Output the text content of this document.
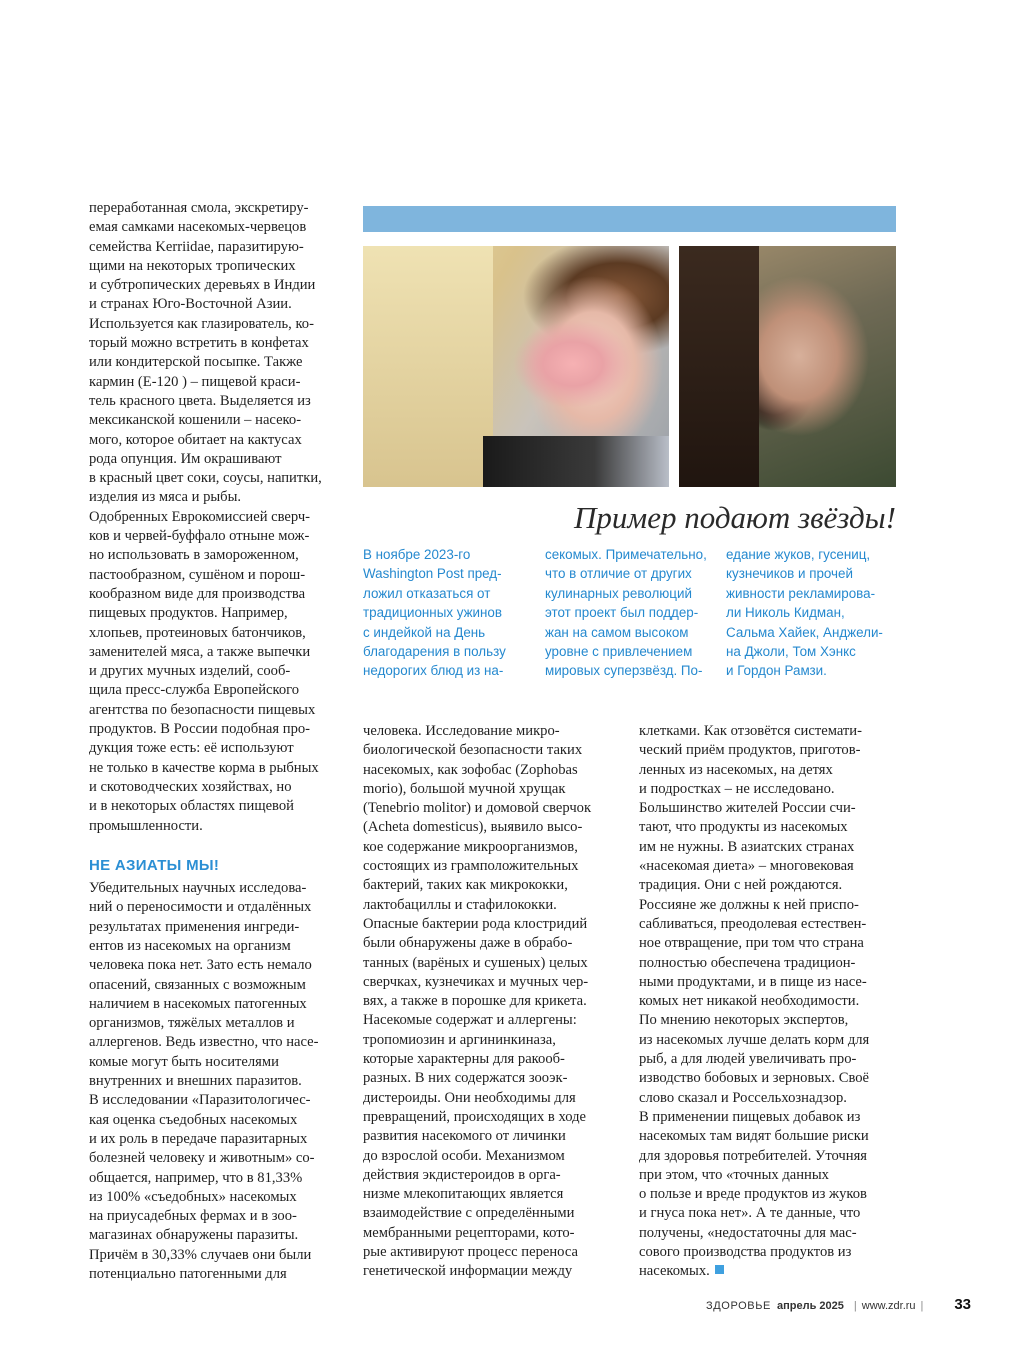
переработанная смола, экскретиру-
емая самками насекомых-червецов
семейства Kerriidae, паразитирую-
щими на некоторых тропических
и субтропических деревьях в Индии
и странах Юго-Восточной Азии.
Используется как глазирователь, ко-
торый можно встретить в конфетах
или кондитерской посыпке. Также
кармин (Е-120 ) – пищевой краси-
тель красного цвета. Выделяется из
мексиканской кошенили – насеко-
мого, которое обитает на кактусах
рода опунция. Им окрашивают
в красный цвет соки, соусы, напитки,
изделия из мяса и рыбы.
Одобренных Еврокомиссией сверч-
ков и червей-буффало отныне мож-
но использовать в замороженном,
пастообразном, сушёном и порош-
кообразном виде для производства
пищевых продуктов. Например,
хлопьев, протеиновых батончиков,
заменителей мяса, а также выпечки
и других мучных изделий, сооб-
щила пресс-служба Европейского
агентства по безопасности пищевых
продуктов. В России подобная про-
дукция тоже есть: её используют
не только в качестве корма в рыбных
и скотоводческих хозяйствах, но
и в некоторых областях пищевой
промышленности.
НЕ АЗИАТЫ МЫ!
Убедительных научных исследова-
ний о переносимости и отдалённых
результатах применения ингреди-
ентов из насекомых на организм
человека пока нет. Зато есть немало
опасений, связанных с возможным
наличием в насекомых патогенных
организмов, тяжёлых металлов и
аллергенов. Ведь известно, что насе-
комые могут быть носителями
внутренних и внешних паразитов.
В исследовании «Паразитологичес-
кая оценка съедобных насекомых
и их роль в передаче паразитарных
болезней человеку и животным» со-
общается, например, что в 81,33%
из 100% «съедобных» насекомых
на приусадебных фермах и в зоо-
магазинах обнаружены паразиты.
Причём в 30,33% случаев они были
потенциально патогенными для
Пример подают звёзды!
В ноябре 2023-го
Washington Post пред-
ложил отказаться от
традиционных ужинов
с индейкой на День
благодарения в пользу
недорогих блюд из на-
секомых. Примечательно,
что в отличие от других
кулинарных революций
этот проект был поддер-
жан на самом высоком
уровне с привлечением
мировых суперзвёзд. По-
едание жуков, гусениц,
кузнечиков и прочей
живности рекламирова-
ли Николь Кидман,
Сальма Хайек, Анджели-
на Джоли, Том Хэнкс
и Гордон Рамзи.
человека. Исследование микро-
биологической безопасности таких
насекомых, как зофобас (Zophobas
morio), большой мучной хрущак
(Tenebrio molitor) и домовой сверчок
(Acheta domesticus), выявило высо-
кое содержание микроорганизмов,
состоящих из грамположительных
бактерий, таких как микрококки,
лактобациллы и стафилококки.
Опасные бактерии рода клостридий
были обнаружены даже в обрабо-
танных (варёных и сушеных) целых
сверчках, кузнечиках и мучных чер-
вях, а также в порошке для крикета.
Насекомые содержат и аллергены:
тропомиозин и аргининкиназа,
которые характерны для ракооб-
разных. В них содержатся зооэк-
дистероиды. Они необходимы для
превращений, происходящих в ходе
развития насекомого от личинки
до взрослой особи. Механизмом
действия экдистероидов в орга-
низме млекопитающих является
взаимодействие с определёнными
мембранными рецепторами, кото-
рые активируют процесс переноса
генетической информации между
клетками. Как отзовётся системати-
ческий приём продуктов, приготов-
ленных из насекомых, на детях
и подростках – не исследовано.
Большинство жителей России счи-
тают, что продукты из насекомых
им не нужны. В азиатских странах
«насекомая диета» – многовековая
традиция. Они с ней рождаются.
Россияне же должны к ней приспо-
сабливаться, преодолевая естествен-
ное отвращение, при том что страна
полностью обеспечена традицион-
ными продуктами, и в пище из насе-
комых нет никакой необходимости.
По мнению некоторых экспертов,
из насекомых лучше делать корм для
рыб, а для людей увеличивать про-
изводство бобовых и зерновых. Своё
слово сказал и Россельхознадзор.
В применении пищевых добавок из
насекомых там видят большие риски
для здоровья потребителей. Уточняя
при этом, что «точных данных
о пользе и вреде продуктов из жуков
и гнуса пока нет». А те данные, что
получены, «недостаточны для мас-
сового производства продуктов из
насекомых.
ЗДОРОВЬЕ апрель 2025 | www.zdr.ru | 33
